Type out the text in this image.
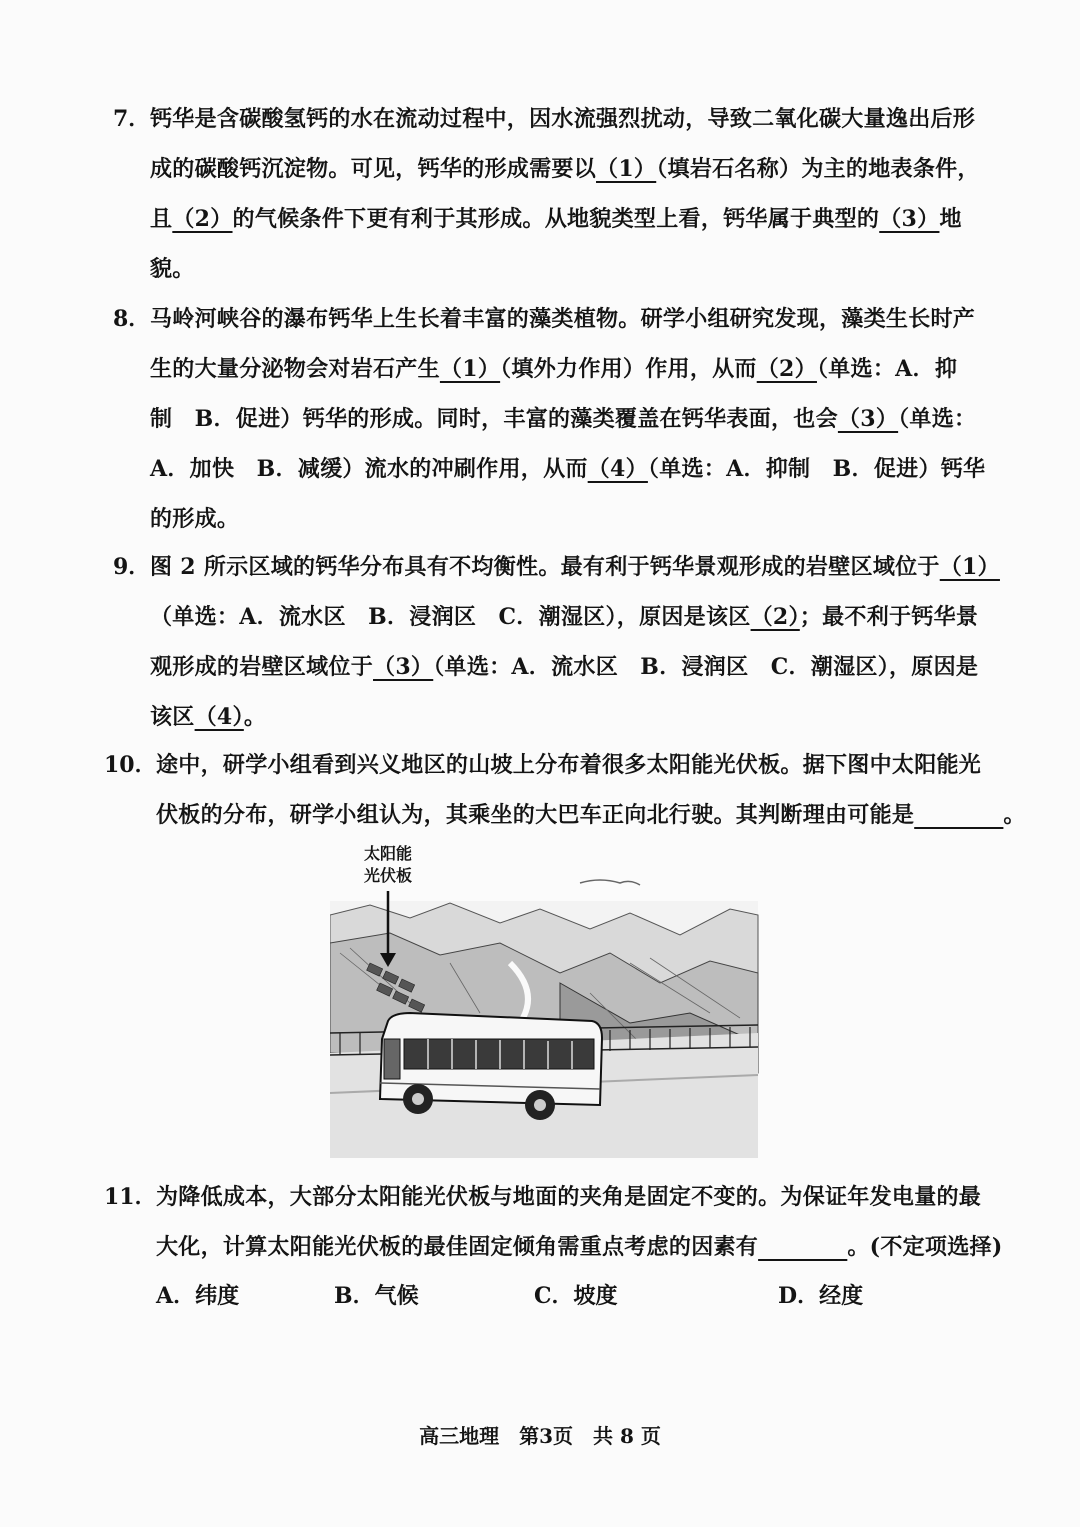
7． 钙华是含碳酸氢钙的水在流动过程中，因水流强烈扰动，导致二氧化碳大量逸出后形
成的碳酸钙沉淀物。可见，钙华的形成需要以（1）（填岩石名称）为主的地表条件，
且（2）的气候条件下更有利于其形成。从地貌类型上看，钙华属于典型的（3）地
貌。
8． 马岭河峡谷的瀑布钙华上生长着丰富的藻类植物。研学小组研究发现，藻类生长时产
生的大量分泌物会对岩石产生（1）（填外力作用）作用，从而（2）（单选：A．抑
制　B．促进）钙华的形成。同时，丰富的藻类覆盖在钙华表面，也会（3）（单选：
A．加快　B．减缓）流水的冲刷作用，从而（4）（单选：A．抑制　B．促进）钙华
的形成。
9． 图 2 所示区域的钙华分布具有不均衡性。最有利于钙华景观形成的岩壁区域位于（1）
（单选：A．流水区　B．浸润区　C．潮湿区），原因是该区（2）；最不利于钙华景
观形成的岩壁区域位于（3）（单选：A．流水区　B．浸润区　C．潮湿区），原因是
该区（4）。
10． 途中，研学小组看到兴义地区的山坡上分布着很多太阳能光伏板。据下图中太阳能光
伏板的分布，研学小组认为，其乘坐的大巴车正向北行驶。其判断理由可能是　　　　	。
太阳能
光伏板
11． 为降低成本，大部分太阳能光伏板与地面的夹角是固定不变的。为保证年发电量的最
大化，计算太阳能光伏板的最佳固定倾角需重点考虑的因素有　　　　	。(不定项选择)
A．纬度	B．气候	C．坡度	D．经度
高三地理　第3页　共 8 页
